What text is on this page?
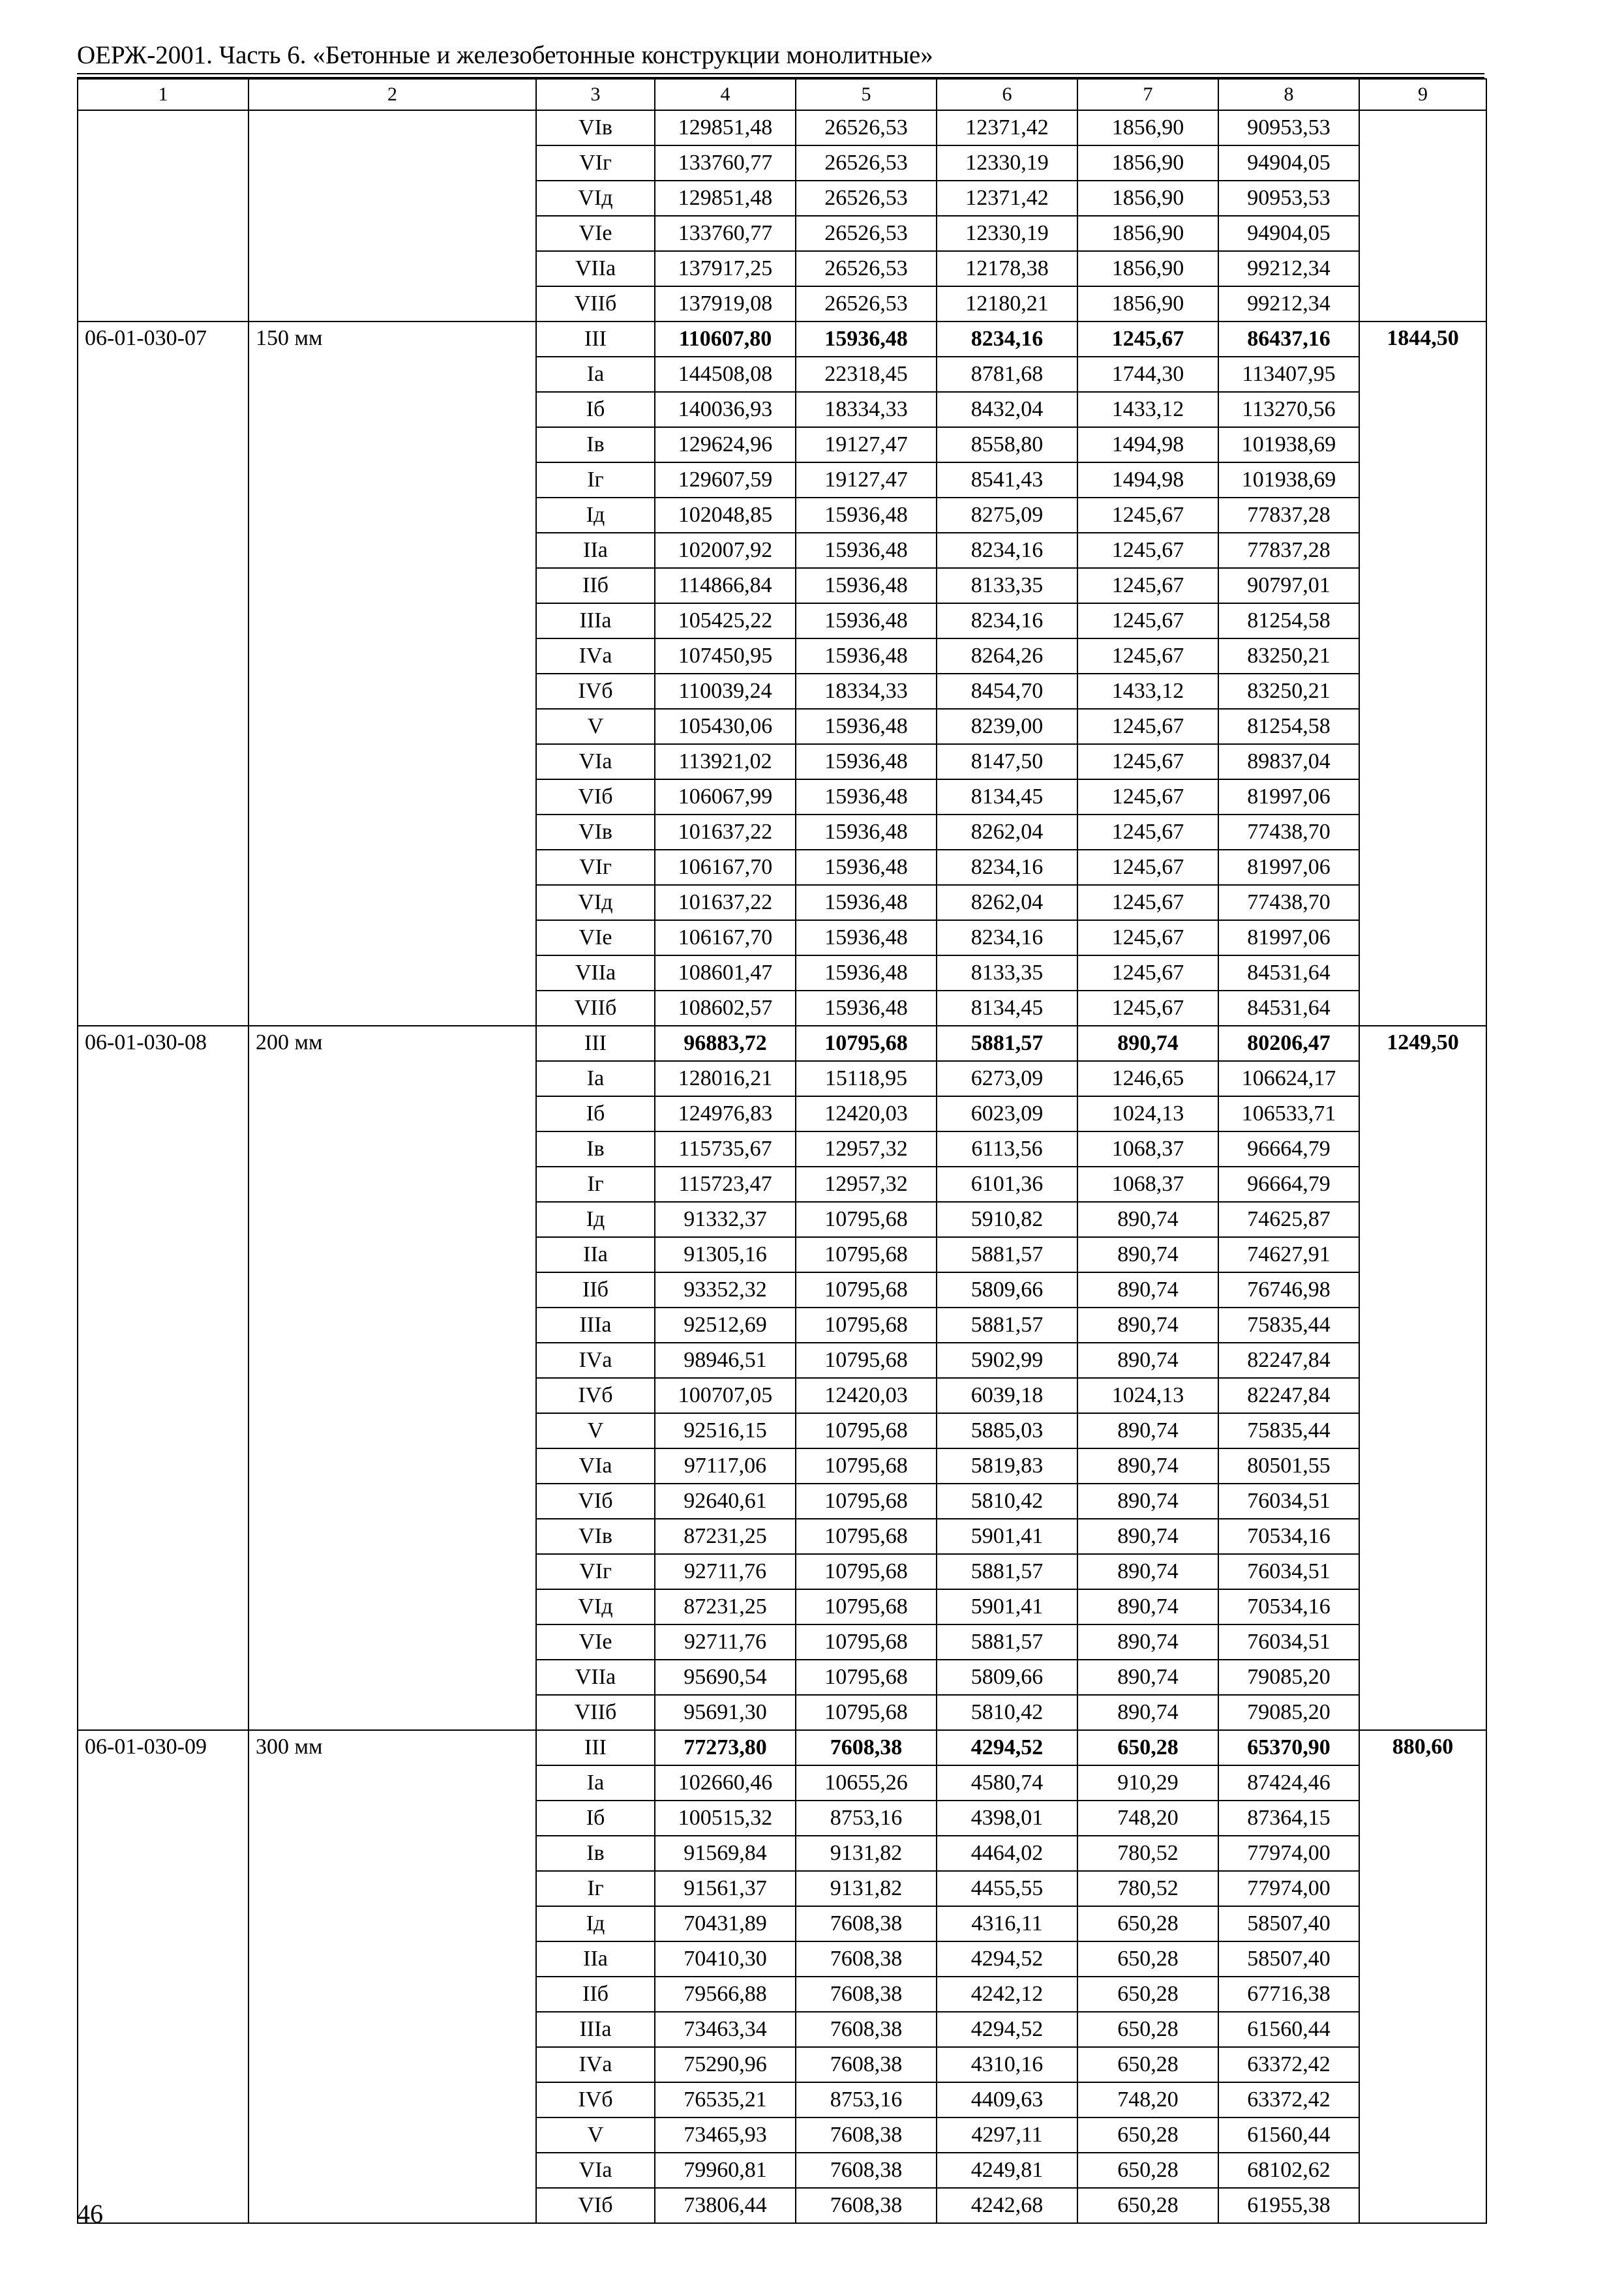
ОЕРЖ-2001. Часть 6. «Бетонные и железобетонные конструкции монолитные»
1	2	3	4	5	6	7	8	9
		VIв	129851,48	26526,53	12371,42	1856,90	90953,53	
		VIг	133760,77	26526,53	12330,19	1856,90	94904,05	
		VIд	129851,48	26526,53	12371,42	1856,90	90953,53	
		VIе	133760,77	26526,53	12330,19	1856,90	94904,05	
		VIIа	137917,25	26526,53	12178,38	1856,90	99212,34	
		VIIб	137919,08	26526,53	12180,21	1856,90	99212,34	
06-01-030-07	150 мм	III	110607,80	15936,48	8234,16	1245,67	86437,16	1844,50
		Iа	144508,08	22318,45	8781,68	1744,30	113407,95	
		Iб	140036,93	18334,33	8432,04	1433,12	113270,56	
		Iв	129624,96	19127,47	8558,80	1494,98	101938,69	
		Iг	129607,59	19127,47	8541,43	1494,98	101938,69	
		Iд	102048,85	15936,48	8275,09	1245,67	77837,28	
		IIа	102007,92	15936,48	8234,16	1245,67	77837,28	
		IIб	114866,84	15936,48	8133,35	1245,67	90797,01	
		IIIа	105425,22	15936,48	8234,16	1245,67	81254,58	
		IVа	107450,95	15936,48	8264,26	1245,67	83250,21	
		IVб	110039,24	18334,33	8454,70	1433,12	83250,21	
		V	105430,06	15936,48	8239,00	1245,67	81254,58	
		VIа	113921,02	15936,48	8147,50	1245,67	89837,04	
		VIб	106067,99	15936,48	8134,45	1245,67	81997,06	
		VIв	101637,22	15936,48	8262,04	1245,67	77438,70	
		VIг	106167,70	15936,48	8234,16	1245,67	81997,06	
		VIд	101637,22	15936,48	8262,04	1245,67	77438,70	
		VIе	106167,70	15936,48	8234,16	1245,67	81997,06	
		VIIа	108601,47	15936,48	8133,35	1245,67	84531,64	
		VIIб	108602,57	15936,48	8134,45	1245,67	84531,64	
06-01-030-08	200 мм	III	96883,72	10795,68	5881,57	890,74	80206,47	1249,50
		Iа	128016,21	15118,95	6273,09	1246,65	106624,17	
		Iб	124976,83	12420,03	6023,09	1024,13	106533,71	
		Iв	115735,67	12957,32	6113,56	1068,37	96664,79	
		Iг	115723,47	12957,32	6101,36	1068,37	96664,79	
		Iд	91332,37	10795,68	5910,82	890,74	74625,87	
		IIа	91305,16	10795,68	5881,57	890,74	74627,91	
		IIб	93352,32	10795,68	5809,66	890,74	76746,98	
		IIIа	92512,69	10795,68	5881,57	890,74	75835,44	
		IVа	98946,51	10795,68	5902,99	890,74	82247,84	
		IVб	100707,05	12420,03	6039,18	1024,13	82247,84	
		V	92516,15	10795,68	5885,03	890,74	75835,44	
		VIа	97117,06	10795,68	5819,83	890,74	80501,55	
		VIб	92640,61	10795,68	5810,42	890,74	76034,51	
		VIв	87231,25	10795,68	5901,41	890,74	70534,16	
		VIг	92711,76	10795,68	5881,57	890,74	76034,51	
		VIд	87231,25	10795,68	5901,41	890,74	70534,16	
		VIе	92711,76	10795,68	5881,57	890,74	76034,51	
		VIIа	95690,54	10795,68	5809,66	890,74	79085,20	
		VIIб	95691,30	10795,68	5810,42	890,74	79085,20	
06-01-030-09	300 мм	III	77273,80	7608,38	4294,52	650,28	65370,90	880,60
		Iа	102660,46	10655,26	4580,74	910,29	87424,46	
		Iб	100515,32	8753,16	4398,01	748,20	87364,15	
		Iв	91569,84	9131,82	4464,02	780,52	77974,00	
		Iг	91561,37	9131,82	4455,55	780,52	77974,00	
		Iд	70431,89	7608,38	4316,11	650,28	58507,40	
		IIа	70410,30	7608,38	4294,52	650,28	58507,40	
		IIб	79566,88	7608,38	4242,12	650,28	67716,38	
		IIIа	73463,34	7608,38	4294,52	650,28	61560,44	
		IVа	75290,96	7608,38	4310,16	650,28	63372,42	
		IVб	76535,21	8753,16	4409,63	748,20	63372,42	
		V	73465,93	7608,38	4297,11	650,28	61560,44	
		VIа	79960,81	7608,38	4249,81	650,28	68102,62	
		VIб	73806,44	7608,38	4242,68	650,28	61955,38	
46
